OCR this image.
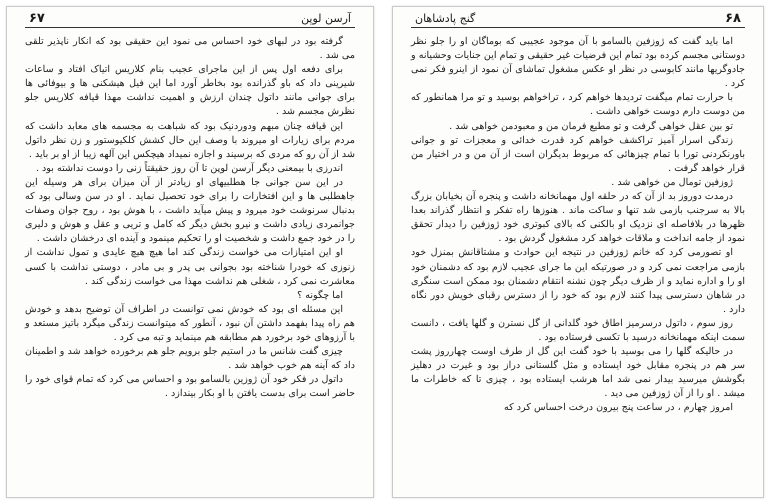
۶۷	آرسن لوپن

گرفته بود در لبهای خود احساس می نمود این حقیقی بود که انکار ناپذیر تلقی می شد .

برای دفعه اول پس از این ماجرای عجیب بنام کلاریس اتیاک افتاد و ساعات شیرینی داد که باو گذرانده بود بخاطر آورد اما این فیل هیشکنی ها و بیوفائی ها برای جوانی مانند داتول چندان ارزش و اهمیت نداشت مهذا قیافه کلاریس جلو نظرش مجسم شد .

این قیافه چنان مبهم ودوردنیک بود که شباهت به مجسمه های معابد داشت که مردم برای زیارات او میروند با وصف این حال کشش کلکیوستور و زن نظر داتول شد از آن رو که مردی که برسیند و اجازه نمیداد هیچکس این آلهه زیبا از او بر باید .

اندرزی با بیمعنی دیگر آرسن لوپن تا آن روز حقیقتاً زنی را دوست نداشته بود .

در این سن جوانی جا هطلبیهای او زیادتر از آن میزان برای هر وسیله این جاهطلبی ها و این افتخارات را برای خود تحصیل نماید . او در سن وسالی بود که بدنبال سرنوشت خود میرود و پیش میآید داشت ، با هوش بود ، روح جوان وصفات جوانمردی زیادی داشت و نیرو بخش دیگر که کامل و تریی و عقل و هوش و دلیری را در خود جمع داشت و شخصیت او را تحکیم مینمود و آینده ای درخشان داشت .

او این امتیازات می خواست زندگی کند اما هیچ هیچ عایدی و تمول نداشت از زنوزی که خودرا شناخته بود بجوانی بی پدر و بی مادر ، دوستی نداشت با کسی معاشرت نمی کرد ، شغلی هم نداشت مهذا می خواست زندگی کند .

اما چگونه ؟

این مسئله ای بود که خودش نمی توانست در اطراف آن توضیح بدهد و خودش هم راه پیدا بفهمد داشتن آن نبود ، آنطور که میتوانست زندگی میگرد باتیز مستعد و با آرزوهای خود برخورد هم مطابقه هم مینماید و تبه می کرد .

چیزی گفت شانس ما در استیم جلو برویم جلو هم برخورده خواهد شد و اطمینان داد که آینه هم خوب خواهد شد .

داتول در فکر خود آن ژوزین بالسامو بود و احساس می کرد که تمام قوای خود را حاضر است برای بدست یافتن با او بکار بیندازد .

۶۸
گنج پادشاهان

اما باید گفت که ژوزفین بالسامو با آن موجود عجیبی که بوماگان او را جلو نظر دوستانی مجسم کرده بود تمام این فرضیات غیر حقیقی و تمام این جنایات وحشیانه و جادوگریها مانند کابوسی در نظر او عکس مشغول تماشای آن نمود از اینرو فکر نمی کرد .

با حرارت تمام میگفت تردیدها خواهم کرد ، تراخواهم بوسید و تو مرا همانطور که من دوست دارم دوست خواهی داشت .

تو بین عقل خواهی گرفت و تو مطیع فرمان من و معبودمن خواهی شد .

زندگی اسرار آمیز تراکشف خواهم کرد قدرت خدائی و معجزات تو و جوانی باورنکردنی تورا با تمام چیزهائی که مربوط بدیگران است از آن من و در اختیار من قرار خواهد گرفت .

ژوزفین تومال من خواهی شد .

درمدت دوروز بد از آن که در حلقه اول مهمانخانه داشت و پنجره آن بخیابان بزرگ بالا به سرجنب بازمی شد تنها و ساکت ماند . هنوزها راه تفکر و انتظار گذراند بعدا ظهرها در بلافاصله ای نزدیک او بالکنی که بالای کبوتری خود ژوزفین را دیدار تحقق نمود از جامه انداخت و ملاقات خواهد کرد مشغول گردش بود .

او تصورمی کرد که خانم ژوزفین در نتیجه این حوادث و مشتاقانش بمنزل خود بازمی مراجعت نمی کرد و در صورتیکه این ما جرای عجیب لازم بود که دشمنان خود او را و اداره نماید و از ظرف دیگر چون نشنه انتقام دشمنان بود ممکن است سنگری در شاهان دسترسی پیدا کنند لازم بود که خود را از دسترس رقبای خویش دور نگاه دارد .

روز سوم ، داتول درسرمیز اطاق خود گلدانی از گل نسترن و گلها یافت ، دانست سمت اینکه مهمانخانه درسید با تکسی فرستاده بود .

در حالیکه گلها را می بوسید با خود گفت این گل از طرف اوست چهارروز پشت سر هم در پنجره مقابل خود ایستاده و مثل گلستانی دراز بود و غیرت در دهلیز بگوشش میرسید بیدار نمی شد اما هرشب ایستاده بود ، چیزی تا که خاطرات ما میشد . او را از آن ژوزفین می دید .

امروز چهارم ، در ساعت پنج بیرون درخت احساس کرد که
